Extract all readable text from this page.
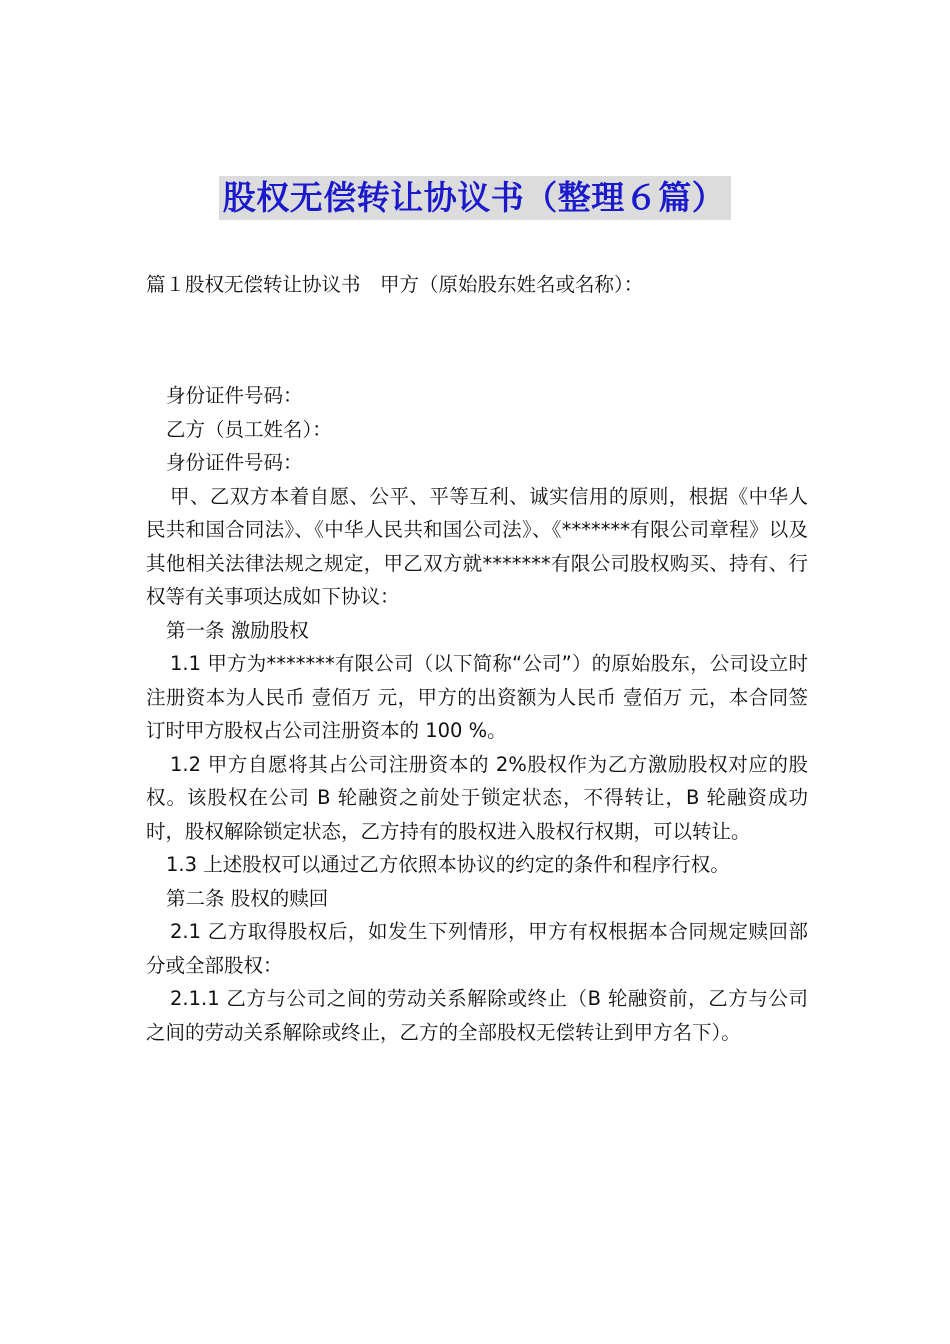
股权无偿转让协议书（整理６篇）
篇１股权无偿转让协议书　甲方（原始股东姓名或名称）：

身份证件号码：

乙方（员工姓名）：

身份证件号码：

甲、乙双方本着自愿、公平、平等互利、诚实信用的原则，根据《中华人民共和国合同法》、《中华人民共和国公司法》、《*******有限公司章程》以及其他相关法律法规之规定，甲乙双方就*******有限公司股权购买、持有、行权等有关事项达成如下协议：

第一条 激励股权

1.1 甲方为*******有限公司（以下简称“公司”）的原始股东，公司设立时注册资本为人民币 壹佰万 元，甲方的出资额为人民币 壹佰万 元，本合同签订时甲方股权占公司注册资本的 100 %。

1.2 甲方自愿将其占公司注册资本的 2%股权作为乙方激励股权对应的股权。该股权在公司 B 轮融资之前处于锁定状态，不得转让，B 轮融资成功时，股权解除锁定状态，乙方持有的股权进入股权行权期，可以转让。

1.3 上述股权可以通过乙方依照本协议的约定的条件和程序行权。

第二条 股权的赎回

2.1 乙方取得股权后，如发生下列情形，甲方有权根据本合同规定赎回部分或全部股权：

2.1.1 乙方与公司之间的劳动关系解除或终止（B 轮融资前，乙方与公司之间的劳动关系解除或终止，乙方的全部股权无偿转让到甲方名下）。
